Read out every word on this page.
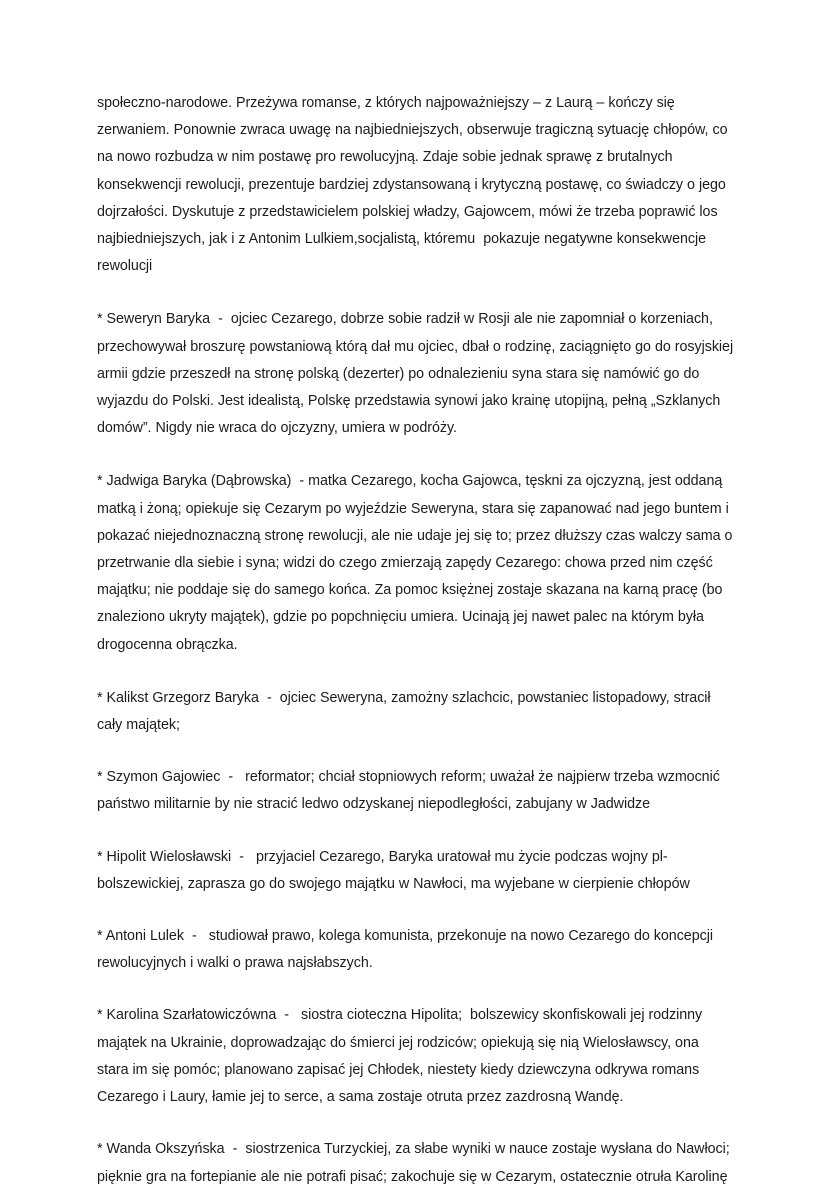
społeczno-narodowe. Przeżywa romanse, z których najpoważniejszy – z Laurą – kończy się zerwaniem. Ponownie zwraca uwagę na najbiedniejszych, obserwuje tragiczną sytuację chłopów, co na nowo rozbudza w nim postawę pro rewolucyjną. Zdaje sobie jednak sprawę z brutalnych konsekwencji rewolucji, prezentuje bardziej zdystansowaną i krytyczną postawę, co świadczy o jego dojrzałości. Dyskutuje z przedstawicielem polskiej władzy, Gajowcem, mówi że trzeba poprawić los najbiedniejszych, jak i z Antonim Lulkiem,socjalistą, któremu  pokazuje negatywne konsekwencje rewolucji

* Seweryn Baryka  -  ojciec Cezarego, dobrze sobie radził w Rosji ale nie zapomniał o korzeniach, przechowywał broszurę powstaniową którą dał mu ojciec, dbał o rodzinę, zaciągnięto go do rosyjskiej armii gdzie przeszedł na stronę polską (dezerter) po odnalezieniu syna stara się namówić go do wyjazdu do Polski. Jest idealistą, Polskę przedstawia synowi jako krainę utopijną, pełną „Szklanych domów”. Nigdy nie wraca do ojczyzny, umiera w podróży.

* Jadwiga Baryka (Dąbrowska)  - matka Cezarego, kocha Gajowca, tęskni za ojczyzną, jest oddaną matką i żoną; opiekuje się Cezarym po wyjeździe Seweryna, stara się zapanować nad jego buntem i pokazać niejednoznaczną stronę rewolucji, ale nie udaje jej się to; przez dłuższy czas walczy sama o przetrwanie dla siebie i syna; widzi do czego zmierzają zapędy Cezarego: chowa przed nim część majątku; nie poddaje się do samego końca. Za pomoc księżnej zostaje skazana na karną pracę (bo znaleziono ukryty majątek), gdzie po popchnięciu umiera. Ucinają jej nawet palec na którym była drogocenna obrączka.

* Kalikst Grzegorz Baryka  -  ojciec Seweryna, zamożny szlachcic, powstaniec listopadowy, stracił cały majątek;

* Szymon Gajowiec  -   reformator; chciał stopniowych reform; uważał że najpierw trzeba wzmocnić państwo militarnie by nie stracić ledwo odzyskanej niepodległości, zabujany w Jadwidze

* Hipolit Wielosławski  -   przyjaciel Cezarego, Baryka uratował mu życie podczas wojny pl-bolszewickiej, zaprasza go do swojego majątku w Nawłoci, ma wyjebane w cierpienie chłopów

* Antoni Lulek  -   studiował prawo, kolega komunista, przekonuje na nowo Cezarego do koncepcji rewolucyjnych i walki o prawa najsłabszych.

* Karolina Szarłatowiczówna  -   siostra cioteczna Hipolita;  bolszewicy skonfiskowali jej rodzinny majątek na Ukrainie, doprowadzając do śmierci jej rodziców; opiekują się nią Wielosławscy, ona stara im się pomóc; planowano zapisać jej Chłodek, niestety kiedy dziewczyna odkrywa romans Cezarego i Laury, łamie jej to serce, a sama zostaje otruta przez zazdrosną Wandę.

* Wanda Okszyńska  -  siostrzenica Turzyckiej, za słabe wyniki w nauce zostaje wysłana do Nawłoci; pięknie gra na fortepianie ale nie potrafi pisać; zakochuje się w Cezarym, ostatecznie otruła Karolinę
